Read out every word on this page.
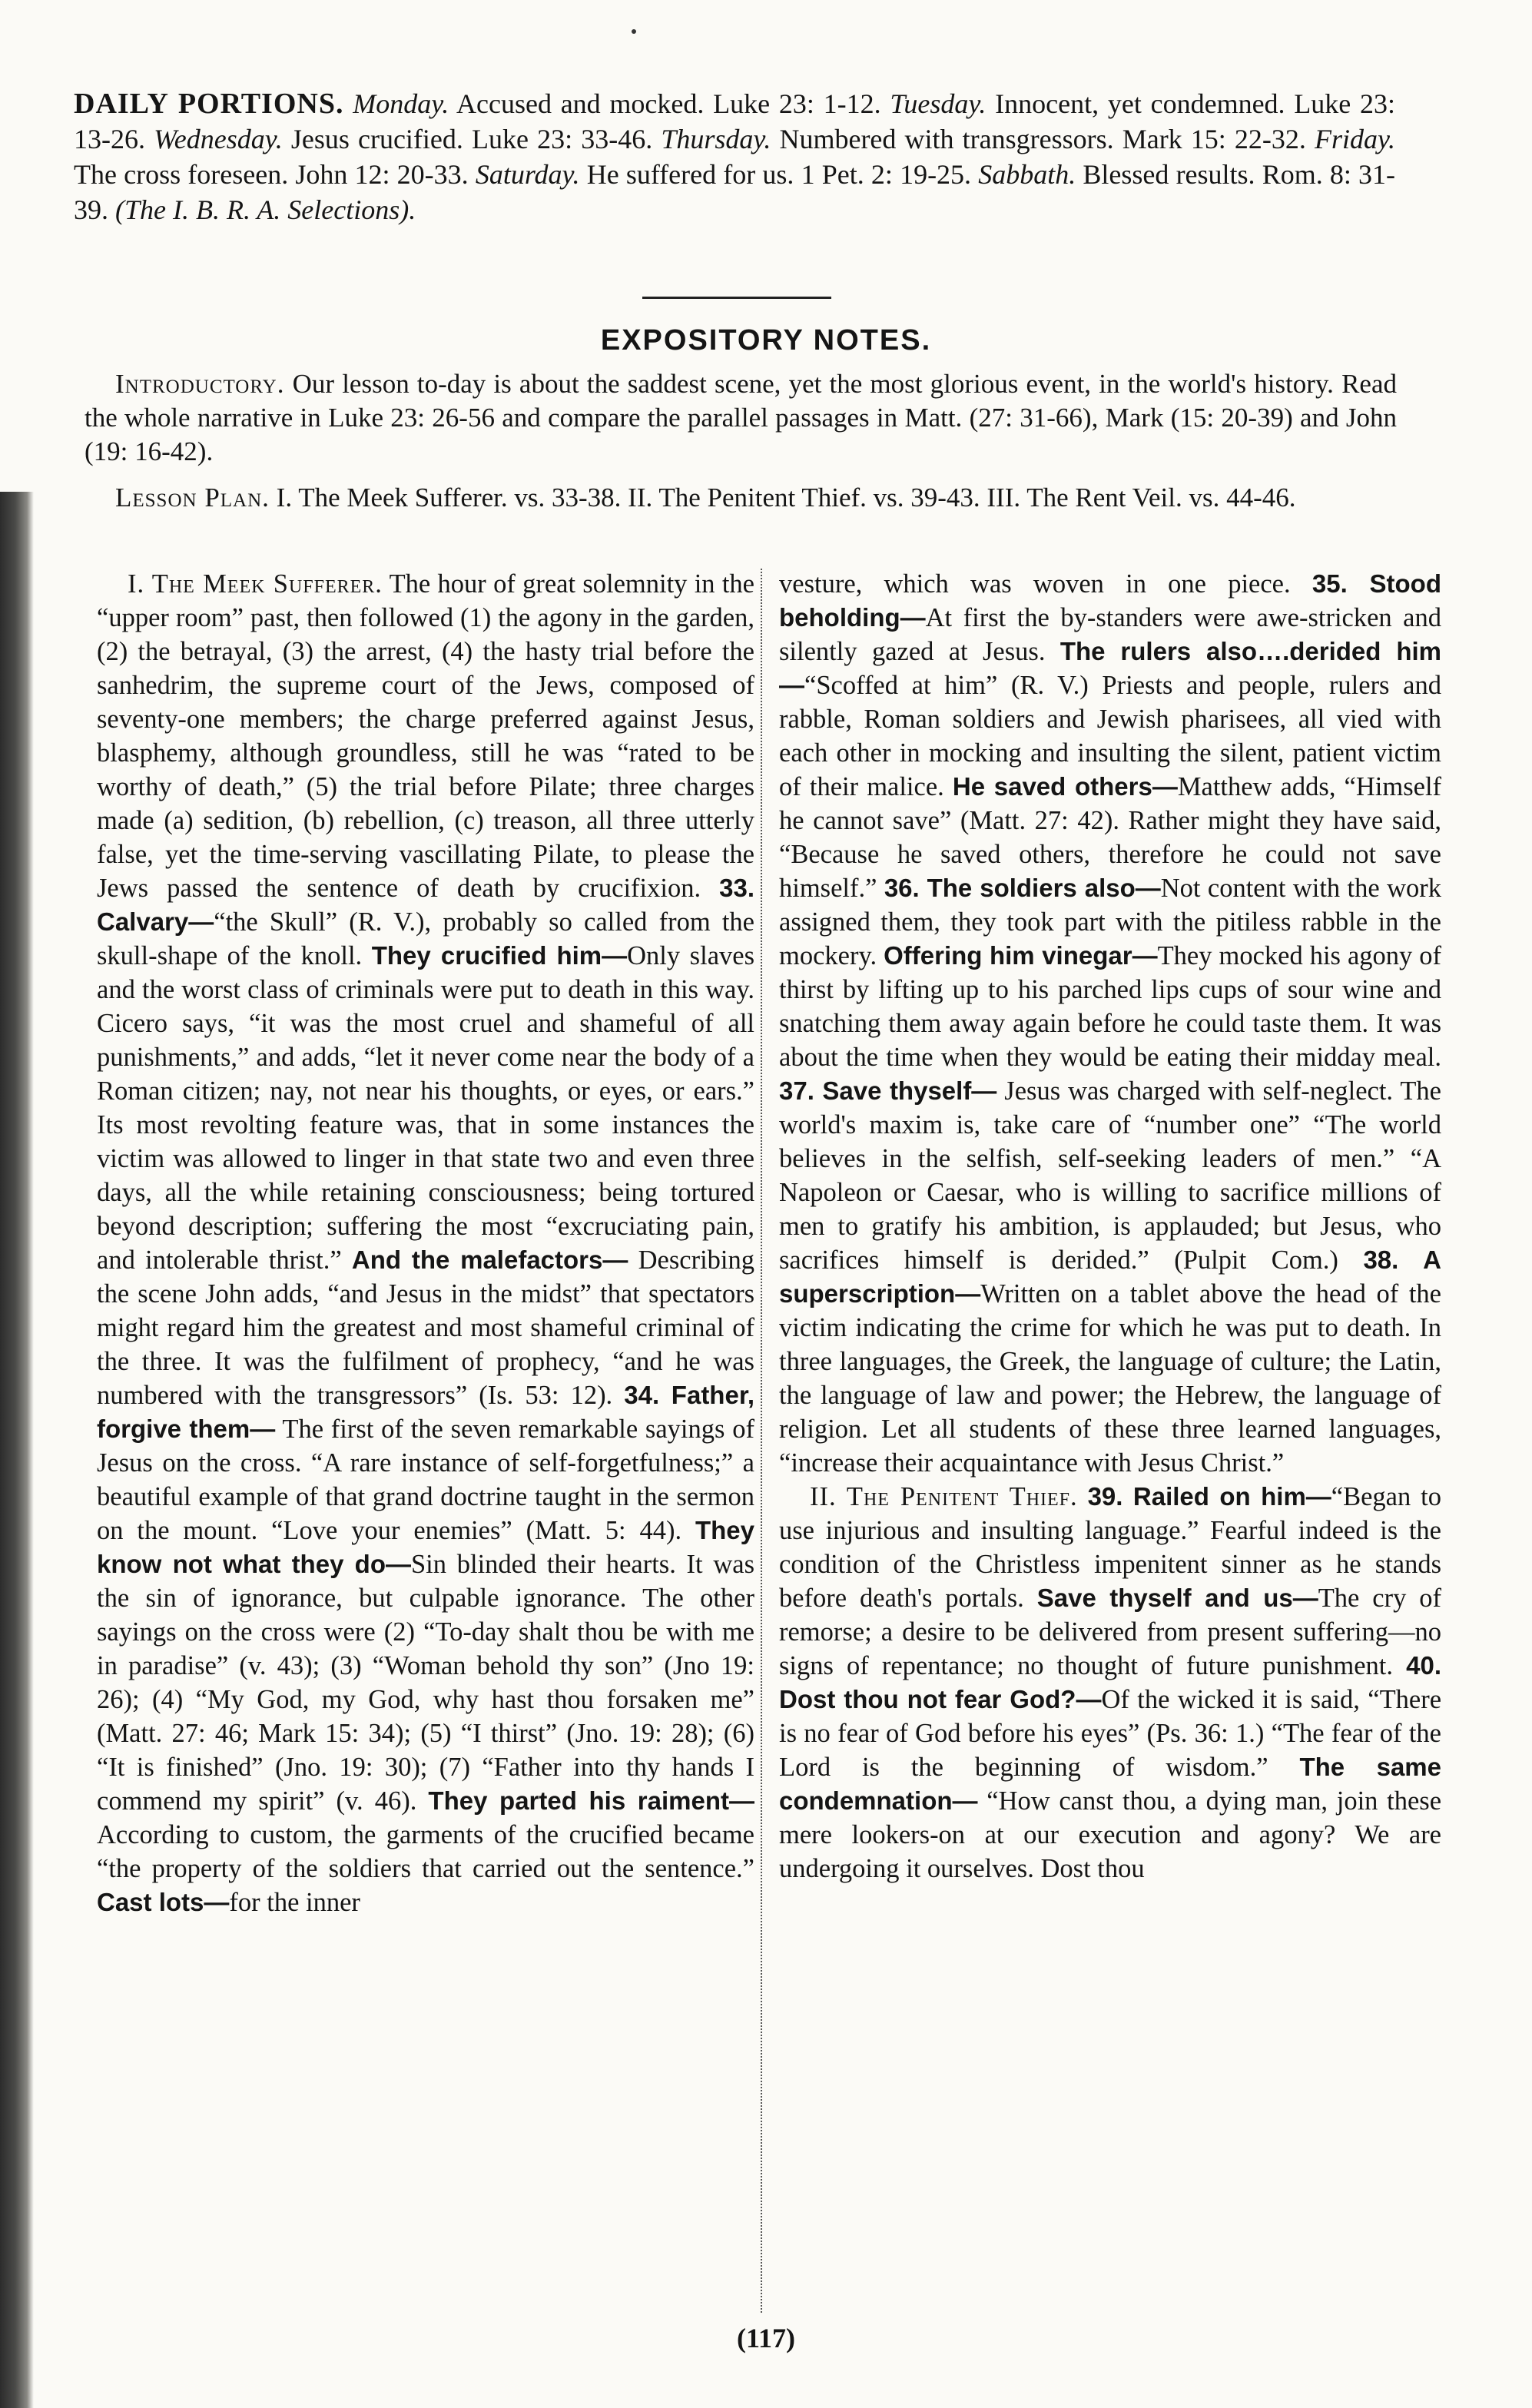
DAILY PORTIONS. Monday. Accused and mocked. Luke 23: 1-12. Tuesday. Innocent, yet condemned. Luke 23: 13-26. Wednesday. Jesus crucified. Luke 23: 33-46. Thursday. Numbered with transgressors. Mark 15: 22-32. Friday. The cross foreseen. John 12: 20-33. Saturday. He suffered for us. 1 Pet. 2: 19-25. Sabbath. Blessed results. Rom. 8: 31-39. (The I. B. R. A. Selections).
EXPOSITORY NOTES.

Introductory. Our lesson to-day is about the saddest scene, yet the most glorious event, in the world's history. Read the whole narrative in Luke 23: 26-56 and compare the parallel passages in Matt. (27: 31-66), Mark (15: 20-39) and John (19: 16-42).

Lesson Plan. I. The Meek Sufferer. vs. 33-38. II. The Penitent Thief. vs. 39-43. III. The Rent Veil. vs. 44-46.

I. The Meek Sufferer. The hour of great solemnity in the “upper room” past, then followed (1) the agony in the garden, (2) the betrayal, (3) the arrest, (4) the hasty trial before the sanhedrim, the supreme court of the Jews, composed of seventy-one members; the charge preferred against Jesus, blasphemy, although groundless, still he was “rated to be worthy of death,” (5) the trial before Pilate; three charges made (a) sedition, (b) rebellion, (c) treason, all three utterly false, yet the time-serving vascillating Pilate, to please the Jews passed the sentence of death by crucifixion. 33. Calvary—“the Skull” (R. V.), probably so called from the skull-shape of the knoll. They crucified him—Only slaves and the worst class of criminals were put to death in this way. Cicero says, “it was the most cruel and shameful of all punishments,” and adds, “let it never come near the body of a Roman citizen; nay, not near his thoughts, or eyes, or ears.” Its most revolting feature was, that in some instances the victim was allowed to linger in that state two and even three days, all the while retaining consciousness; being tortured beyond description; suffering the most “excruciating pain, and intolerable thrist.” And the malefactors— Describing the scene John adds, “and Jesus in the midst” that spectators might regard him the greatest and most shameful criminal of the three. It was the fulfilment of prophecy, “and he was numbered with the transgressors” (Is. 53: 12). 34. Father, forgive them— The first of the seven remarkable sayings of Jesus on the cross. “A rare instance of self-forgetfulness;” a beautiful example of that grand doctrine taught in the sermon on the mount. “Love your enemies” (Matt. 5: 44). They know not what they do—Sin blinded their hearts. It was the sin of ignorance, but culpable ignorance. The other sayings on the cross were (2) “To-day shalt thou be with me in paradise” (v. 43); (3) “Woman behold thy son” (Jno 19: 26); (4) “My God, my God, why hast thou forsaken me” (Matt. 27: 46; Mark 15: 34); (5) “I thirst” (Jno. 19: 28); (6) “It is finished” (Jno. 19: 30); (7) “Father into thy hands I commend my spirit” (v. 46). They parted his raiment—According to custom, the garments of the crucified became “the property of the soldiers that carried out the sentence.” Cast lots—for the inner

vesture, which was woven in one piece. 35. Stood beholding—At first the by-standers were awe-stricken and silently gazed at Jesus. The rulers also….derided him—“Scoffed at him” (R. V.) Priests and people, rulers and rabble, Roman soldiers and Jewish pharisees, all vied with each other in mocking and insulting the silent, patient victim of their malice. He saved others—Matthew adds, “Himself he cannot save” (Matt. 27: 42). Rather might they have said, “Because he saved others, therefore he could not save himself.” 36. The soldiers also—Not content with the work assigned them, they took part with the pitiless rabble in the mockery. Offering him vinegar—They mocked his agony of thirst by lifting up to his parched lips cups of sour wine and snatching them away again before he could taste them. It was about the time when they would be eating their midday meal. 37. Save thyself— Jesus was charged with self-neglect. The world's maxim is, take care of “number one” “The world believes in the selfish, self-seeking leaders of men.” “A Napoleon or Caesar, who is willing to sacrifice millions of men to gratify his ambition, is applauded; but Jesus, who sacrifices himself is derided.” (Pulpit Com.) 38. A superscription—Written on a tablet above the head of the victim indicating the crime for which he was put to death. In three languages, the Greek, the language of culture; the Latin, the language of law and power; the Hebrew, the language of religion. Let all students of these three learned languages, “increase their acquaintance with Jesus Christ.”

II. The Penitent Thief. 39. Railed on him—“Began to use injurious and insulting language.” Fearful indeed is the condition of the Christless impenitent sinner as he stands before death's portals. Save thyself and us—The cry of remorse; a desire to be delivered from present suffering—no signs of repentance; no thought of future punishment. 40. Dost thou not fear God?—Of the wicked it is said, “There is no fear of God before his eyes” (Ps. 36: 1.) “The fear of the Lord is the beginning of wisdom.” The same condemnation— “How canst thou, a dying man, join these mere lookers-on at our execution and agony? We are undergoing it ourselves. Dost thou

(117)
